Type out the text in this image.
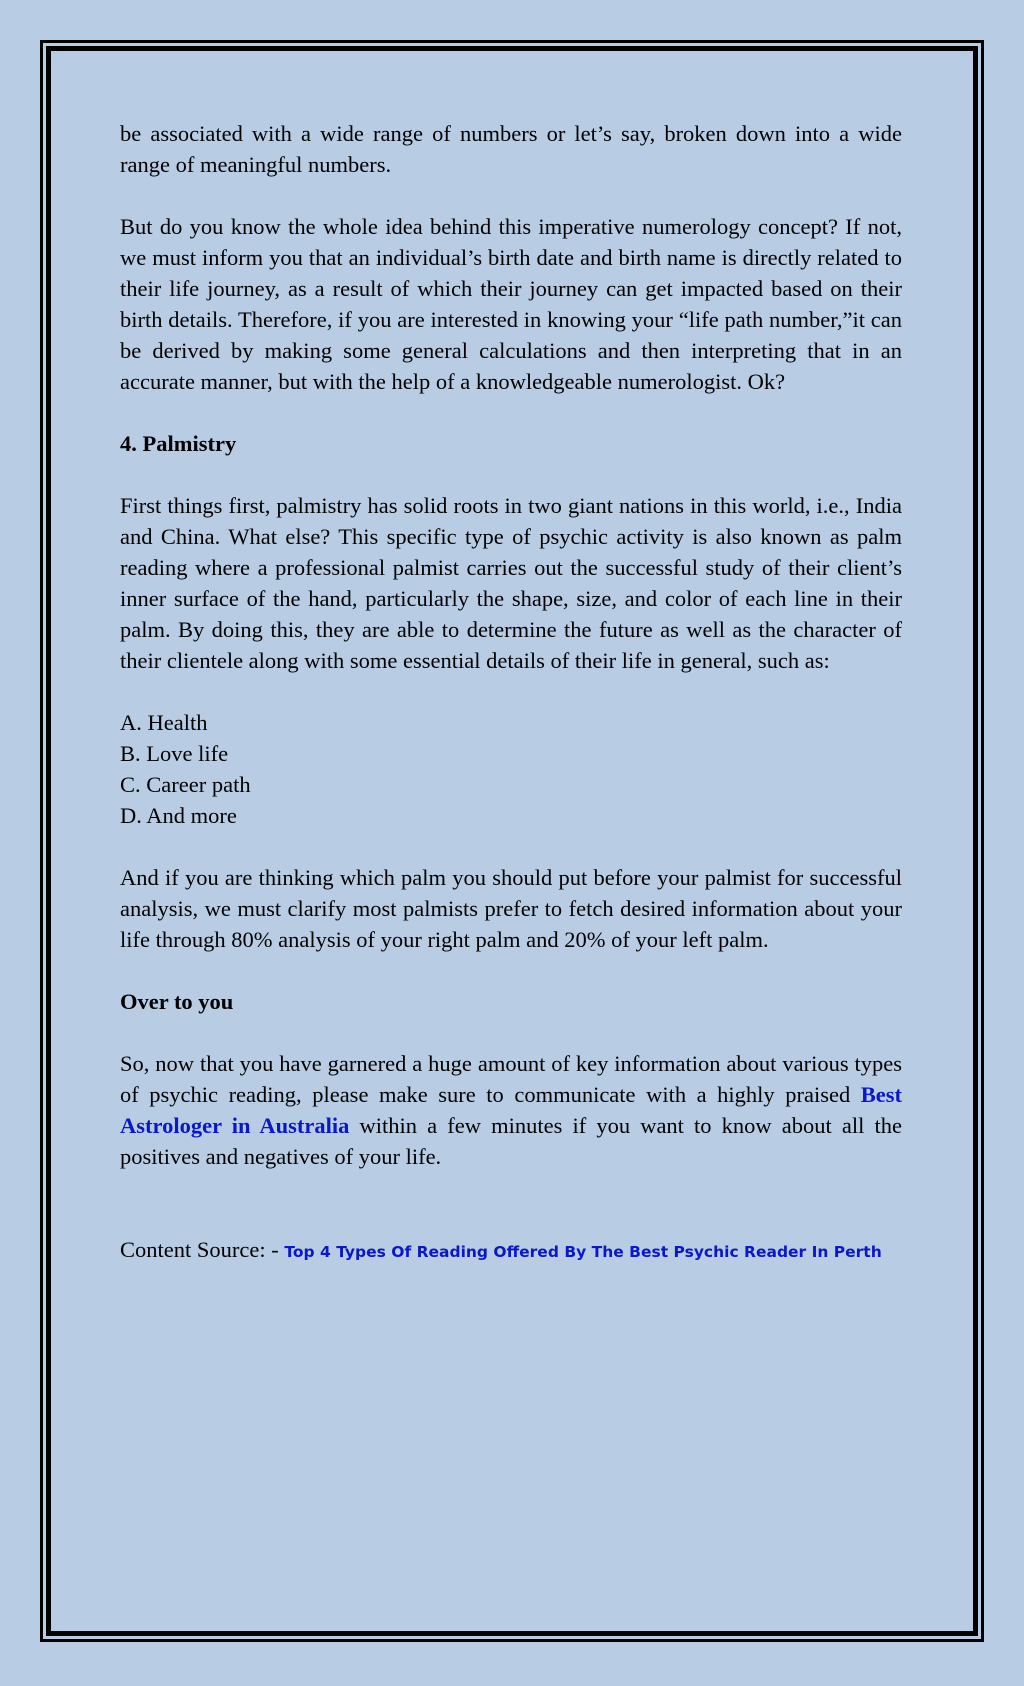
be associated with a wide range of numbers or let’s say, broken down into a wide range of meaningful numbers.

But do you know the whole idea behind this imperative numerology concept? If not, we must inform you that an individual’s birth date and birth name is directly related to their life journey, as a result of which their journey can get impacted based on their birth details. Therefore, if you are interested in knowing your “life path number,”it can be derived by making some general calculations and then interpreting that in an accurate manner, but with the help of a knowledgeable numerologist. Ok?

4. Palmistry

First things first, palmistry has solid roots in two giant nations in this world, i.e., India and China. What else? This specific type of psychic activity is also known as palm reading where a professional palmist carries out the successful study of their client’s inner surface of the hand, particularly the shape, size, and color of each line in their palm. By doing this, they are able to determine the future as well as the character of their clientele along with some essential details of their life in general, such as:

A. Health
B. Love life
C. Career path
D. And more

And if you are thinking which palm you should put before your palmist for successful analysis, we must clarify most palmists prefer to fetch desired information about your life through 80% analysis of your right palm and 20% of your left palm.

Over to you

So, now that you have garnered a huge amount of key information about various types of psychic reading, please make sure to communicate with a highly praised Best Astrologer in Australia within a few minutes if you want to know about all the positives and negatives of your life.

Content Source: - Top 4 Types Of Reading Offered By The Best Psychic Reader In Perth
